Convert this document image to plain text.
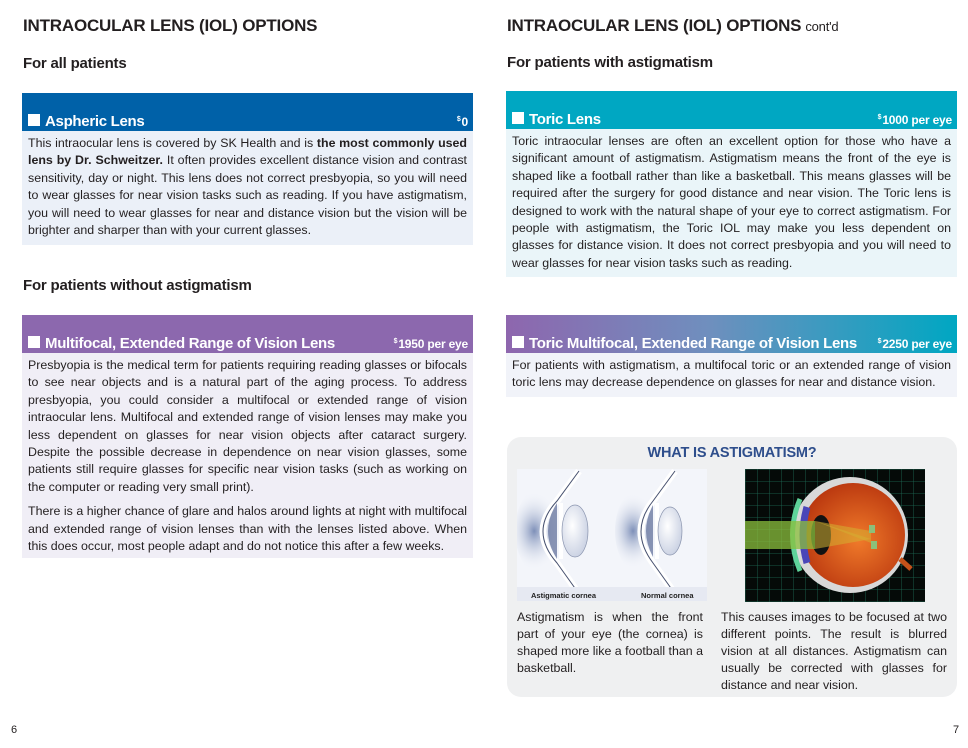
INTRAOCULAR LENS (IOL) OPTIONS
For all patients
Aspheric Lens	$0

This intraocular lens is covered by SK Health and is the most commonly used lens by Dr. Schweitzer. It often provides excellent distance vision and contrast sensitivity, day or night. This lens does not correct presbyopia, so you will need to wear glasses for near vision tasks such as reading. If you have astigmatism, you will need to wear glasses for near and distance vision but the vision will be brighter and sharper than with your current glasses.

For patients without astigmatism
Multifocal, Extended Range of Vision Lens	$1950 per eye

Presbyopia is the medical term for patients requiring reading glasses or bifocals to see near objects and is a natural part of the aging process. To address presbyopia, you could consider a multifocal or extended range of vision intraocular lens. Multifocal and extended range of vision lenses may make you less dependent on glasses for near vision objects after cataract surgery. Despite the possible decrease in dependence on near vision glasses, some patients still require glasses for specific near vision tasks (such as working on the computer or reading very small print).

There is a higher chance of glare and halos around lights at night with multifocal and extended range of vision lenses than with the lenses listed above. When this does occur, most people adapt and do not notice this after a few weeks.

6
INTRAOCULAR LENS (IOL) OPTIONS cont'd
For patients with astigmatism
Toric Lens	$1000 per eye
Toric intraocular lenses are often an excellent option for those who have a significant amount of astigmatism. Astigmatism means the front of the eye is shaped like a football rather than like a basketball. This means glasses will be required after the surgery for good distance and near vision. The Toric lens is designed to work with the natural shape of your eye to correct astigmatism. For people with astigmatism, the Toric IOL may make you less dependent on glasses for distance vision. It does not correct presbyopia and you will need to wear glasses for near vision tasks such as reading.
Toric Multifocal, Extended Range of Vision Lens	$2250 per eye
For patients with astigmatism, a multifocal toric or an extended range of vision toric lens may decrease dependence on glasses for near and distance vision.
WHAT IS ASTIGMATISM?
Astigmatic cornea	Normal cornea
Astigmatism is when the front part of your eye (the cornea) is shaped more like a football than a basketball.
This causes images to be focused at two different points. The result is blurred vision at all distances. Astigmatism can usually be corrected with glasses for distance and near vision.
7
